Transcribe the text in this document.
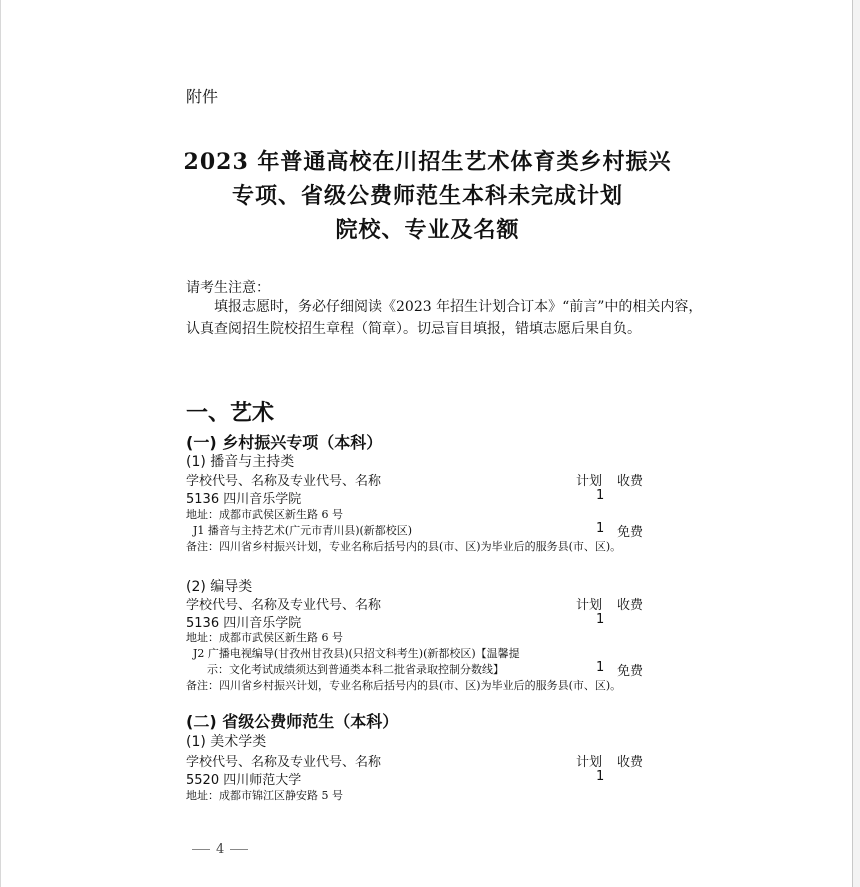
附件
2023 年普通高校在川招生艺术体育类乡村振兴
专项、省级公费师范生本科未完成计划
院校、专业及名额
请考生注意：
填报志愿时，务必仔细阅读《2023 年招生计划合订本》“前言”中的相关内容，认真查阅招生院校招生章程（简章）。切忌盲目填报，错填志愿后果自负。
一、艺术
(一) 乡村振兴专项（本科）
(1) 播音与主持类
学校代号、名称及专业代号、名称	计划 收费
5136 四川音乐学院	1
地址：成都市武侯区新生路 6 号
J1 播音与主持艺术(广元市青川县)(新都校区)	1 免费
备注：四川省乡村振兴计划，专业名称后括号内的县(市、区)为毕业后的服务县(市、区)。
(2) 编导类
学校代号、名称及专业代号、名称	计划 收费
5136 四川音乐学院	1
地址：成都市武侯区新生路 6 号
J2 广播电视编导(甘孜州甘孜县)(只招文科考生)(新都校区)【温馨提
示：文化考试成绩须达到普通类本科二批省录取控制分数线】	1 免费
备注：四川省乡村振兴计划，专业名称后括号内的县(市、区)为毕业后的服务县(市、区)。
(二) 省级公费师范生（本科）
(1) 美术学类
学校代号、名称及专业代号、名称	计划 收费
5520 四川师范大学	1
地址：成都市锦江区静安路 5 号
4
